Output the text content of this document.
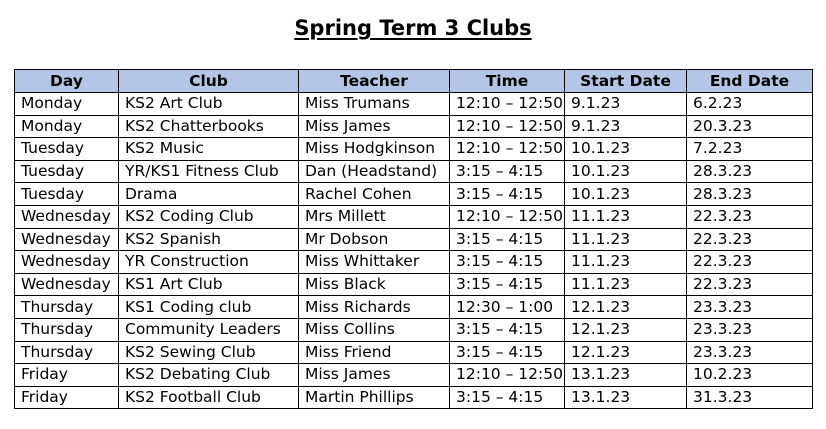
Spring Term 3 Clubs
Day	Club	Teacher	Time	Start Date	End Date
Monday	KS2 Art Club	Miss Trumans	12:10 – 12:50	9.1.23	6.2.23
Monday	KS2 Chatterbooks	Miss James	12:10 – 12:50	9.1.23	20.3.23
Tuesday	KS2 Music	Miss Hodgkinson	12:10 – 12:50	10.1.23	7.2.23
Tuesday	YR/KS1 Fitness Club	Dan (Headstand)	3:15 – 4:15	10.1.23	28.3.23
Tuesday	Drama	Rachel Cohen	3:15 – 4:15	10.1.23	28.3.23
Wednesday	KS2 Coding Club	Mrs Millett	12:10 – 12:50	11.1.23	22.3.23
Wednesday	KS2 Spanish	Mr Dobson	3:15 – 4:15	11.1.23	22.3.23
Wednesday	YR Construction	Miss Whittaker	3:15 – 4:15	11.1.23	22.3.23
Wednesday	KS1 Art Club	Miss Black	3:15 – 4:15	11.1.23	22.3.23
Thursday	KS1 Coding club	Miss Richards	12:30 – 1:00	12.1.23	23.3.23
Thursday	Community Leaders	Miss Collins	3:15 – 4:15	12.1.23	23.3.23
Thursday	KS2 Sewing Club	Miss Friend	3:15 – 4:15	12.1.23	23.3.23
Friday	KS2 Debating Club	Miss James	12:10 – 12:50	13.1.23	10.2.23
Friday	KS2 Football Club	Martin Phillips	3:15 – 4:15	13.1.23	31.3.23
